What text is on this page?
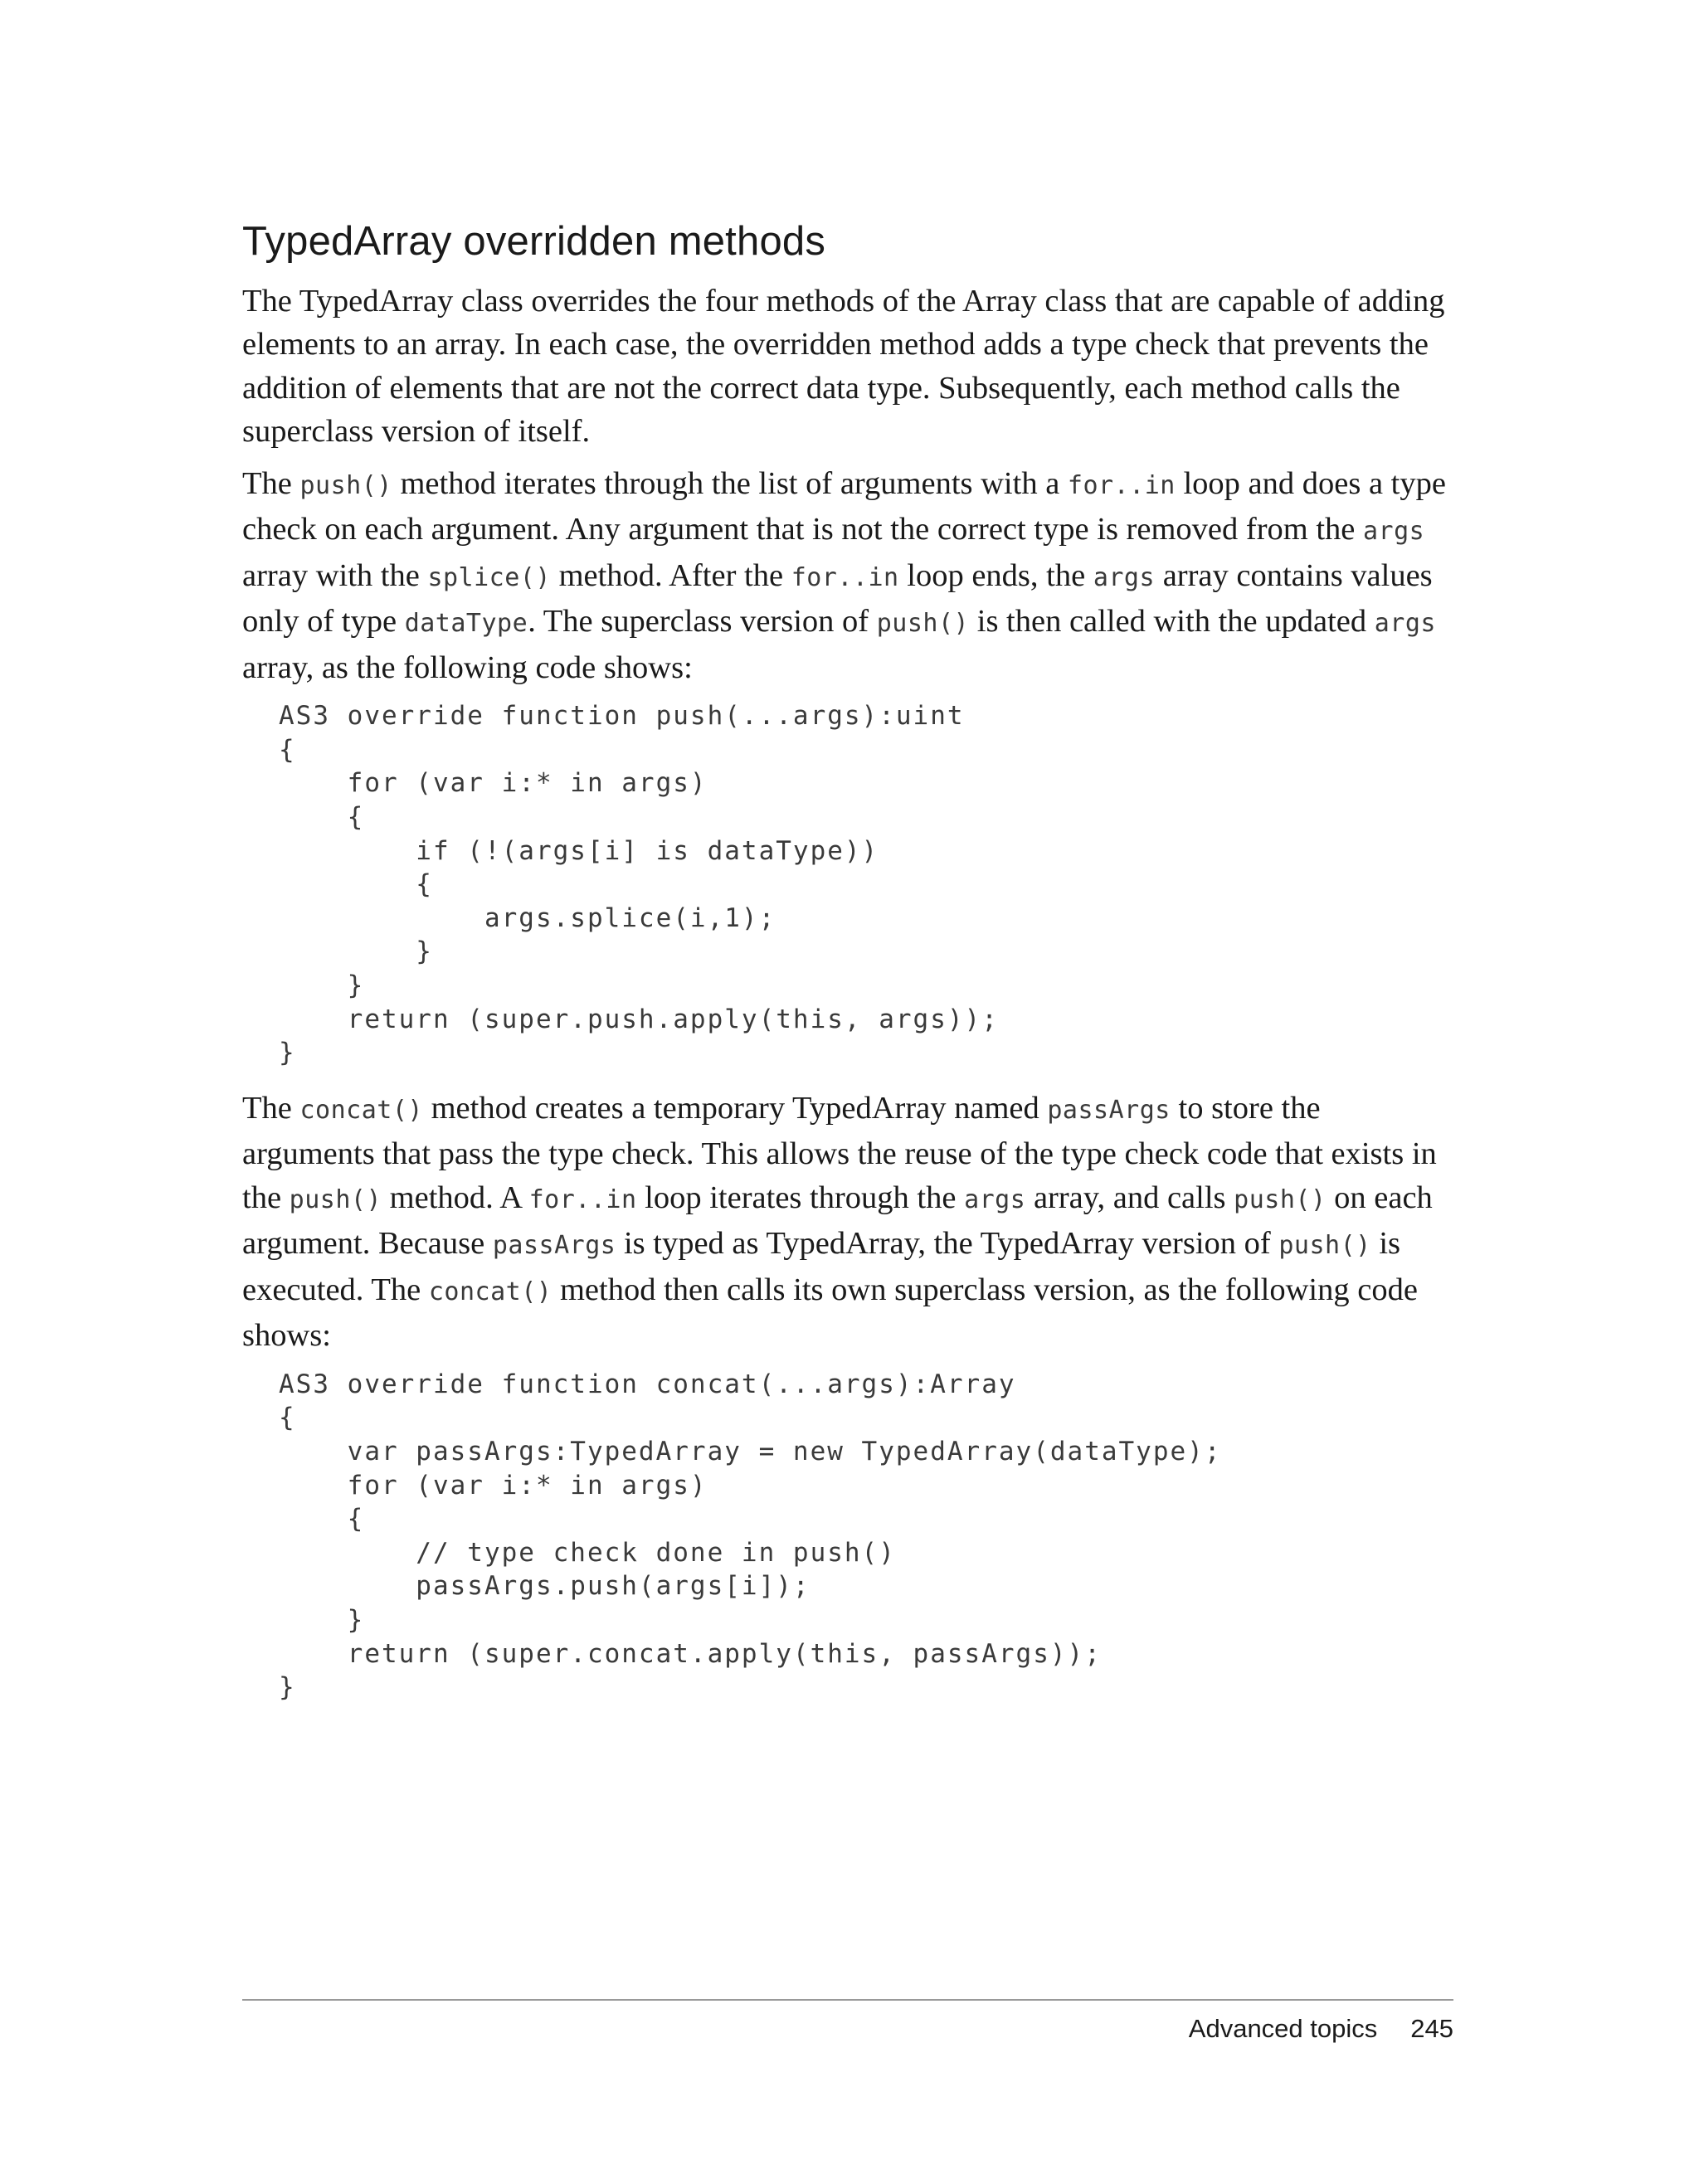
TypedArray overridden methods

The TypedArray class overrides the four methods of the Array class that are capable of adding elements to an array. In each case, the overridden method adds a type check that prevents the addition of elements that are not the correct data type. Subsequently, each method calls the superclass version of itself.

The push() method iterates through the list of arguments with a for..in loop and does a type check on each argument. Any argument that is not the correct type is removed from the args array with the splice() method. After the for..in loop ends, the args array contains values only of type dataType. The superclass version of push() is then called with the updated args array, as the following code shows:

AS3 override function push(...args):uint
{
for (var i:* in args)
{
if (!(args[i] is dataType))
{
args.splice(i,1);
}
}
return (super.push.apply(this, args));
}

The concat() method creates a temporary TypedArray named passArgs to store the arguments that pass the type check. This allows the reuse of the type check code that exists in the push() method. A for..in loop iterates through the args array, and calls push() on each argument. Because passArgs is typed as TypedArray, the TypedArray version of push() is executed. The concat() method then calls its own superclass version, as the following code shows:

AS3 override function concat(...args):Array
{
var passArgs:TypedArray = new TypedArray(dataType);
for (var i:* in args)
{
// type check done in push()
passArgs.push(args[i]);
}
return (super.concat.apply(this, passArgs));
}
Advanced topics 245
